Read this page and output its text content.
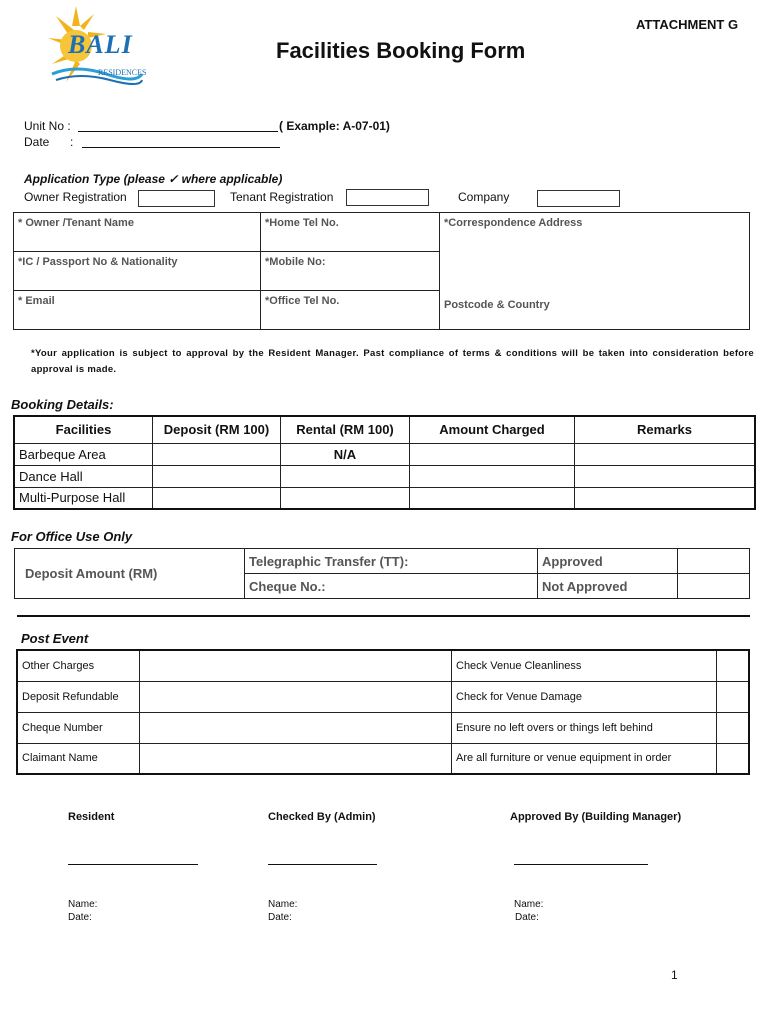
BALI
RESIDENCES
ATTACHMENT G
Facilities Booking Form
Unit No :	( Example: A-07-01)
Date :
Application Type (please ✓ where applicable)
Owner Registration	Tenant Registration	Company
* Owner /Tenant Name	*Home Tel No.	*Correspondence Address
Postcode & Country

*IC / Passport No & Nationality	*Mobile No:	
* Email	*Office Tel No.	
*Your application is subject to approval by the Resident Manager. Past compliance of terms & conditions will be taken into consideration before approval is made.
Booking Details:
Facilities	Deposit (RM 100)	Rental (RM 100)	Amount Charged	Remarks
Barbeque Area		N/A		
Dance Hall				
Multi-Purpose Hall				
For Office Use Only
Deposit Amount (RM)	Telegraphic Transfer (TT):	Approved	
	Cheque No.:	Not Approved	
Post Event
Other Charges		Check Venue Cleanliness	
Deposit Refundable		Check for Venue Damage	
Cheque Number		Ensure no left overs or things left behind	
Claimant Name		Are all furniture or venue equipment in order	
Resident	Checked By (Admin)	Approved By (Building Manager)
Name:
Date:
Name:
Date:
Name:
Date:
1
